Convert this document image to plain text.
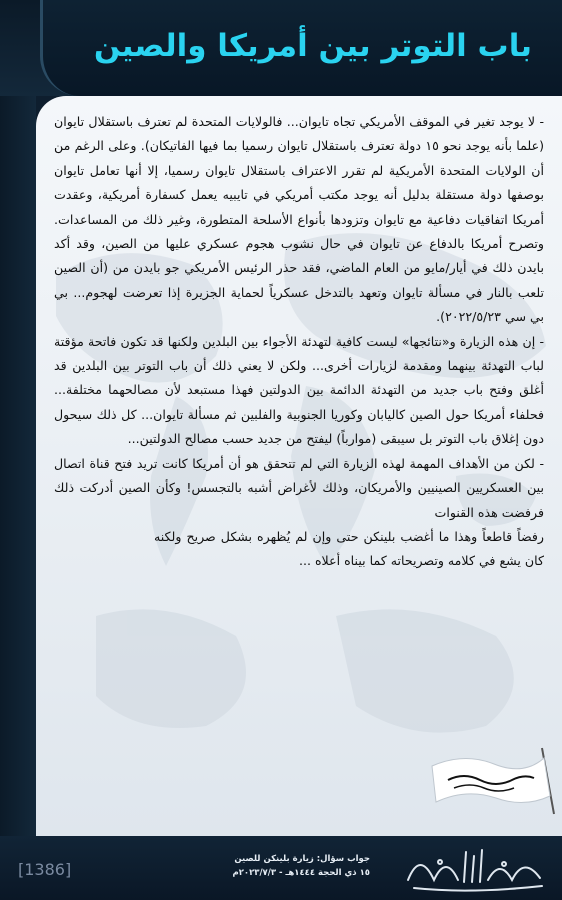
باب التوتر بين أمريكا والصين

- لا يوجد تغير في الموقف الأمريكي تجاه تايوان... فالولايات المتحدة لم تعترف باستقلال تايوان (علما بأنه يوجد نحو ١٥ دولة تعترف باستقلال تايوان رسميا بما فيها الفاتيكان). وعلى الرغم من أن الولايات المتحدة الأمريكية لم تقرر الاعتراف باستقلال تايوان رسميا، إلا أنها تعامل تايوان بوصفها دولة مستقلة بدليل أنه يوجد مكتب أمريكي في تايبيه يعمل كسفارة أمريكية، وعقدت أمريكا اتفاقيات دفاعية مع تايوان وتزودها بأنواع الأسلحة المتطورة، وغير ذلك من المساعدات. وتصرح أمريكا بالدفاع عن تايوان في حال نشوب هجوم عسكري عليها من الصين، وقد أكد بايدن ذلك في أيار/مايو من العام الماضي، فقد حذر الرئيس الأمريكي جو بايدن من (أن الصين تلعب بالنار في مسألة تايوان وتعهد بالتدخل عسكرياً لحماية الجزيرة إذا تعرضت لهجوم... بي بي سي ٢٠٢٢/٥/٢٣).

- إن هذه الزيارة و«نتائجها» ليست كافية لتهدئة الأجواء بين البلدين ولكنها قد تكون فاتحة مؤقتة لباب التهدئة بينهما ومقدمة لزيارات أخرى... ولكن لا يعني ذلك أن باب التوتر بين البلدين قد أغلق وفتح باب جديد من التهدئة الدائمة بين الدولتين فهذا مستبعد لأن مصالحهما مختلفة... فحلفاء أمريكا حول الصين كاليابان وكوريا الجنوبية والفلبين ثم مسألة تايوان... كل ذلك سيحول دون إغلاق باب التوتر بل سيبقى (موارباً) ليفتح من جديد حسب مصالح الدولتين...

- لكن من الأهداف المهمة لهذه الزيارة التي لم تتحقق هو أن أمريكا كانت تريد فتح قناة اتصال بين العسكريين الصينيين والأمريكان، وذلك لأغراض أشبه بالتجسس! وكأن الصين أدركت ذلك فرفضت هذه القنوات

رفضاً قاطعاً وهذا ما أغضب بلينكن حتى وإن لم يُظهره بشكل صريح ولكنه كان يشع في كلامه وتصريحاته كما بيناه أعلاه ...

[1386]
جواب سؤال: زيارة بلينكن للصين
١٥ ذي الحجة ١٤٤٤هـ - ٢٠٢٣/٧/٣م
